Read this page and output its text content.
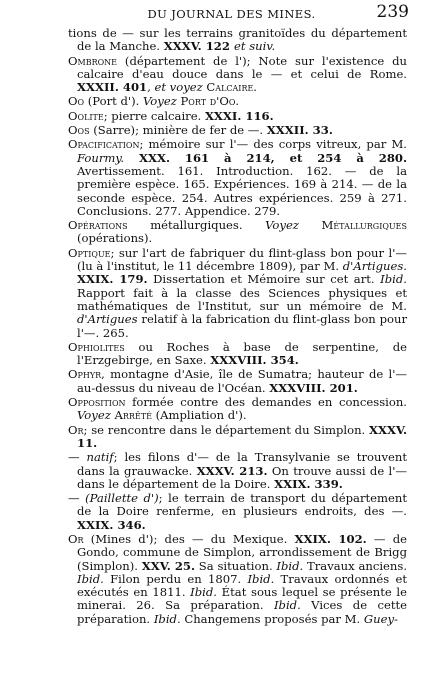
DU JOURNAL DES MINES.	239

tions de — sur les terrains granitoïdes du département de la Manche. XXXV. 122 et suiv.

Ombrone (département de l'); Note sur l'existence du calcaire d'eau douce dans le — et celui de Rome. XXXII. 401, et voyez Calcaire.

Oo (Port d'). Voyez Port d'Oo.

Oolite; pierre calcaire. XXXI. 116.

Oos (Sarre); minière de fer de —. XXXII. 33.

Opacification; mémoire sur l'— des corps vitreux, par M. Fourmy. XXX. 161 à 214, et 254 à 280. Avertissement. 161. Introduction. 162. — de la première espèce. 165. Expériences. 169 à 214. — de la seconde espèce. 254. Autres expériences. 259 à 271. Conclusions. 277. Appendice. 279.

Opérations métallurgiques. Voyez Métallurgiques (opérations).

Optique; sur l'art de fabriquer du flint-glass bon pour l'— (lu à l'institut, le 11 décembre 1809), par M. d'Artigues. XXIX. 179. Dissertation et Mémoire sur cet art. Ibid. Rapport fait à la classe des Sciences physiques et mathématiques de l'Institut, sur un mémoire de M. d'Artigues relatif à la fabrication du flint-glass bon pour l'—. 265.

Ophiolites ou Roches à base de serpentine, de l'Erzgebirge, en Saxe. XXXVIII. 354.

Ophyr, montagne d'Asie, île de Sumatra; hauteur de l'— au-dessus du niveau de l'Océan. XXXVIII. 201.

Opposition formée contre des demandes en concession. Voyez Arrêté (Ampliation d').

Or; se rencontre dans le département du Simplon. XXXV. 11.

— natif; les filons d'— de la Transylvanie se trouvent dans la grauwacke. XXXV. 213. On trouve aussi de l'— dans le département de la Doire. XXIX. 339.

— (Paillette d'); le terrain de transport du département de la Doire renferme, en plusieurs endroits, des —. XXIX. 346.

Or (Mines d'); des — du Mexique. XXIX. 102. — de Gondo, commune de Simplon, arrondissement de Brigg (Simplon). XXV. 25. Sa situation. Ibid. Travaux anciens. Ibid. Filon perdu en 1807. Ibid. Travaux ordonnés et exécutés en 1811. Ibid. État sous lequel se présente le minerai. 26. Sa préparation. Ibid. Vices de cette préparation. Ibid. Changemens proposés par M. Guey-
